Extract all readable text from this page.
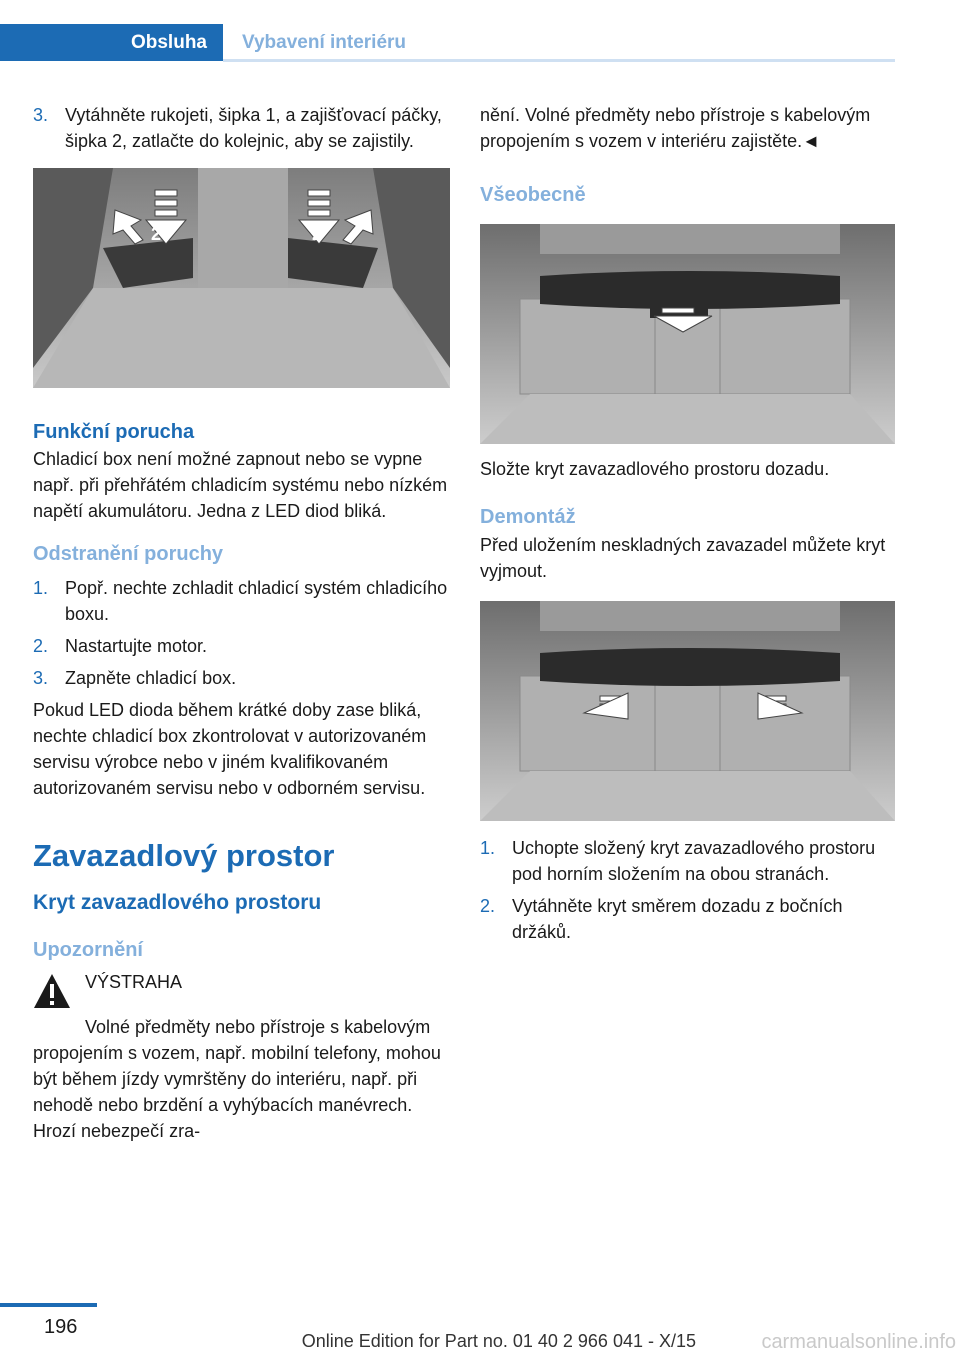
Obsluha	Vybavení interiéru
3. Vytáhněte rukojeti, šipka 1, a zajišťovací páčky, šipka 2, zatlačte do kolejnic, aby se zajistily.
2	2
Funkční porucha

Chladicí box není možné zapnout nebo se vypne např. při přehřátém chladicím systému nebo nízkém napětí akumulátoru. Jedna z LED diod bliká.

Odstranění poruchy
1. Popř. nechte zchladit chladicí systém chladicího boxu.
2. Nastartujte motor.
3. Zapněte chladicí box.

Pokud LED dioda během krátké doby zase bliká, nechte chladicí box zkontrolovat v autorizovaném servisu výrobce nebo v jiném kvalifikovaném autorizovaném servisu nebo v odborném servisu.

Zavazadlový prostor
Kryt zavazadlového prostoru
Upozornění
VÝSTRAHA

Volné předměty nebo přístroje s kabelovým propojením s vozem, např. mobilní telefony, mohou být během jízdy vymrštěny do interiéru, např. při nehodě nebo brzdění a vyhýbacích manévrech. Hrozí nebezpečí zra-

nění. Volné předměty nebo přístroje s kabelovým propojením s vozem v interiéru zajistěte.◄

Všeobecně

Složte kryt zavazadlového prostoru dozadu.

Demontáž

Před uložením neskladných zavazadel můžete kryt vyjmout.

1. Uchopte složený kryt zavazadlového prostoru pod horním složením na obou stranách.
2. Vytáhněte kryt směrem dozadu z bočních držáků.
196
Online Edition for Part no. 01 40 2 966 041 - X/15	carmanualsonline.info
